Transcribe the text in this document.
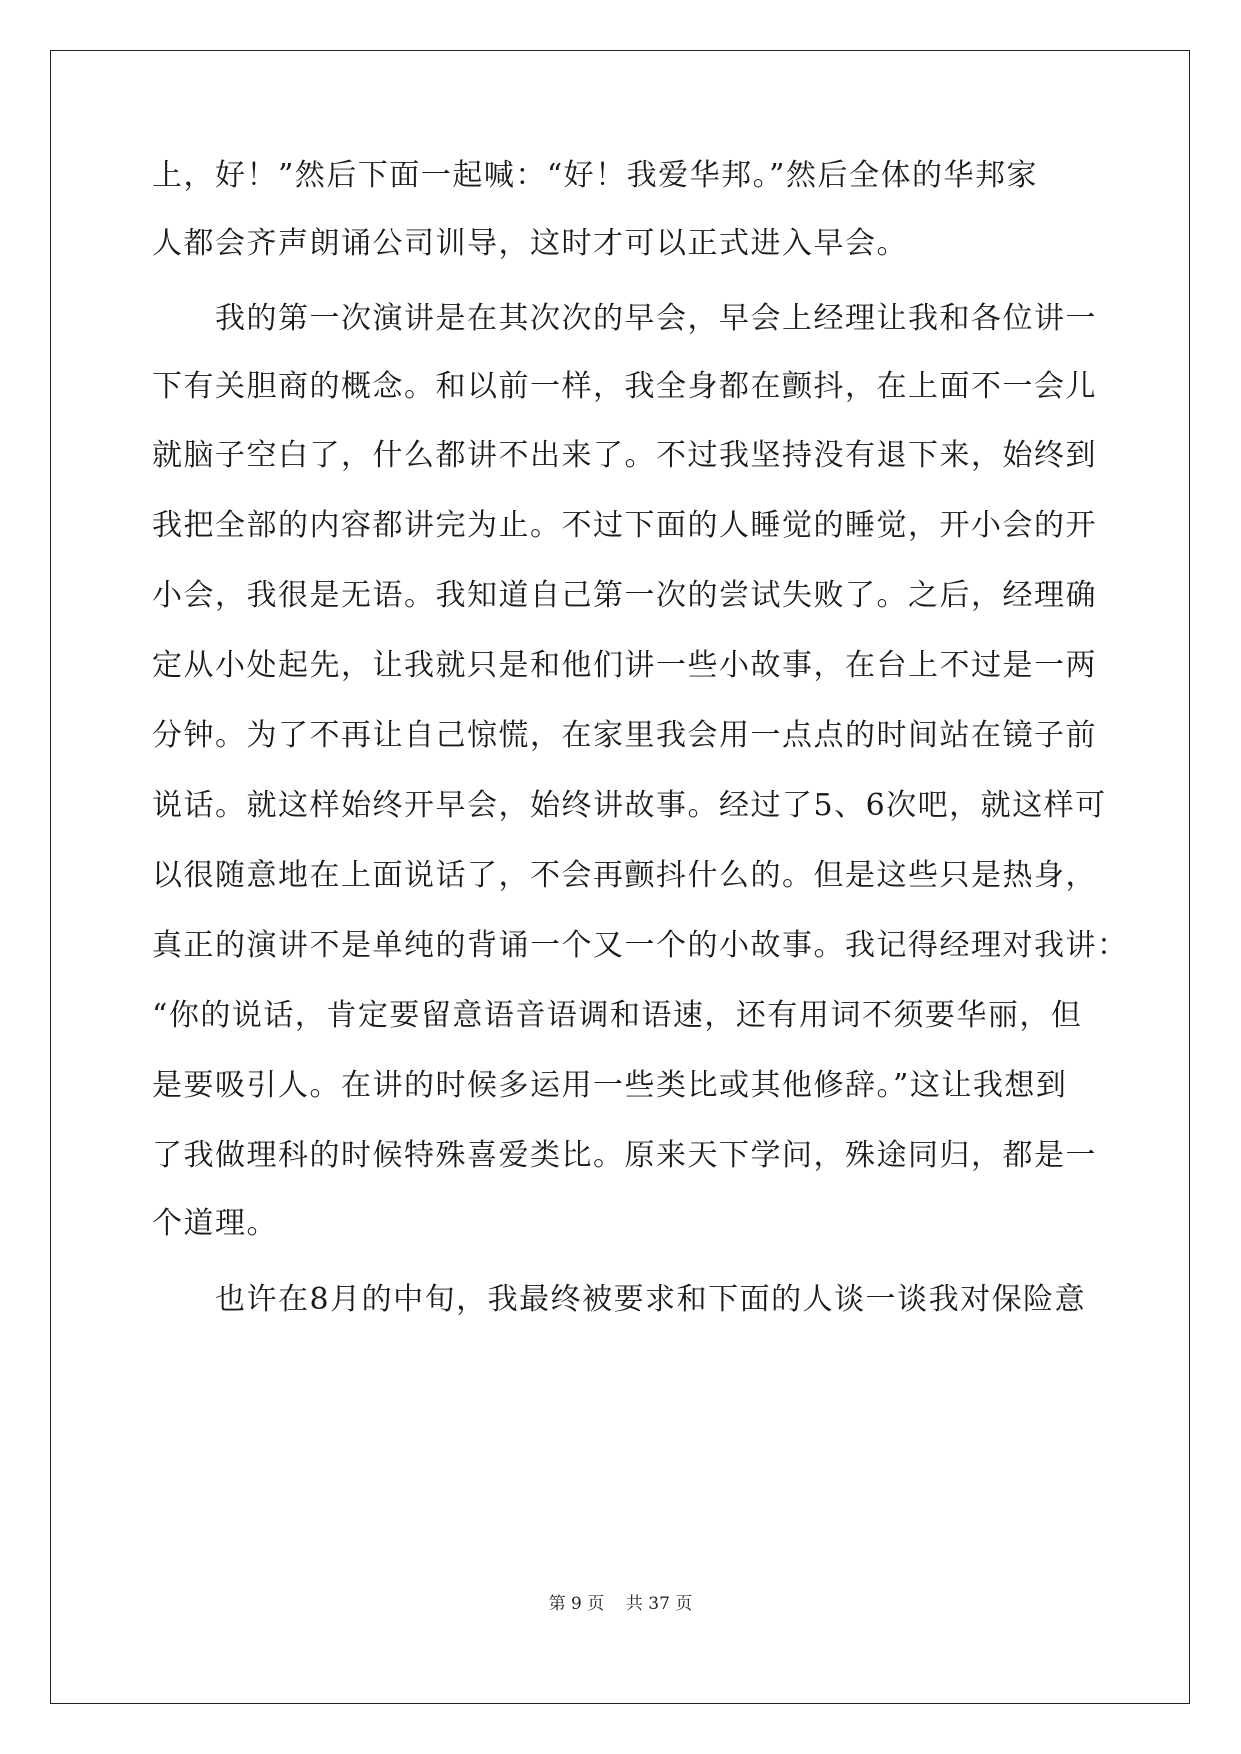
上，好！”然后下面一起喊：“好！我爱华邦。”然后全体的华邦家
人都会齐声朗诵公司训导，这时才可以正式进入早会。
　　我的第一次演讲是在其次次的早会，早会上经理让我和各位讲一
下有关胆商的概念。和以前一样，我全身都在颤抖，在上面不一会儿
就脑子空白了，什么都讲不出来了。不过我坚持没有退下来，始终到
我把全部的内容都讲完为止。不过下面的人睡觉的睡觉，开小会的开
小会，我很是无语。我知道自己第一次的尝试失败了。之后，经理确
定从小处起先，让我就只是和他们讲一些小故事，在台上不过是一两
分钟。为了不再让自己惊慌，在家里我会用一点点的时间站在镜子前
说话。就这样始终开早会，始终讲故事。经过了5、6次吧，就这样可
以很随意地在上面说话了，不会再颤抖什么的。但是这些只是热身，
真正的演讲不是单纯的背诵一个又一个的小故事。我记得经理对我讲：
“你的说话，肯定要留意语音语调和语速，还有用词不须要华丽，但
是要吸引人。在讲的时候多运用一些类比或其他修辞。”这让我想到
了我做理科的时候特殊喜爱类比。原来天下学问，殊途同归，都是一
个道理。
　　也许在8月的中旬，我最终被要求和下面的人谈一谈我对保险意
第 9 页    共 37 页
